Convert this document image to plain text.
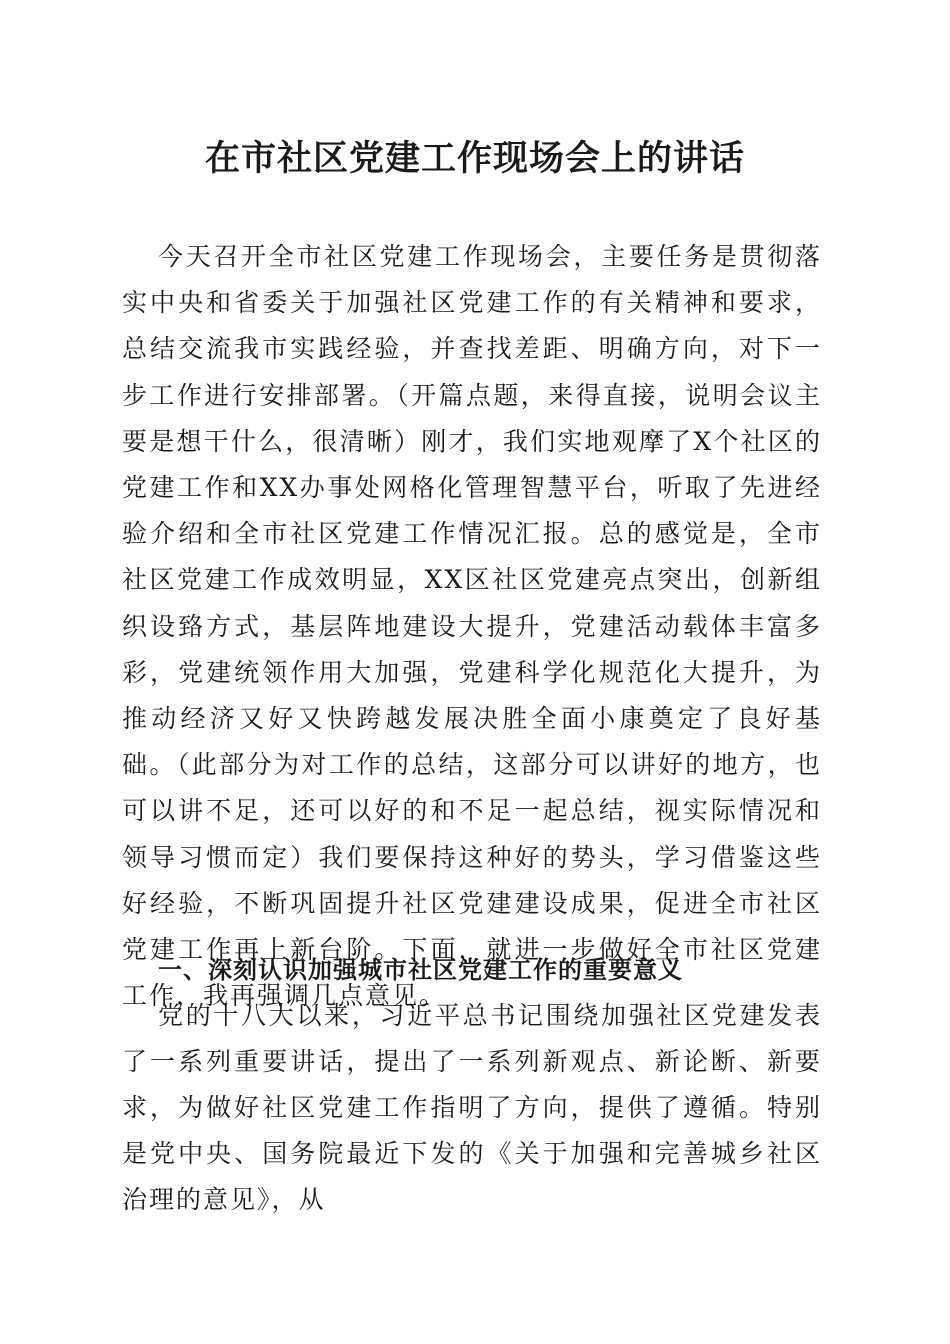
在市社区党建工作现场会上的讲话

今天召开全市社区党建工作现场会，主要任务是贯彻落实中央和省委关于加强社区党建工作的有关精神和要求，总结交流我市实践经验，并查找差距、明确方向，对下一步工作进行安排部署。（开篇点题，来得直接，说明会议主要是想干什么，很清晰）刚才，我们实地观摩了X个社区的党建工作和XX办事处网格化管理智慧平台，听取了先进经验介绍和全市社区党建工作情况汇报。总的感觉是，全市社区党建工作成效明显，XX区社区党建亮点突出，创新组织设臵方式，基层阵地建设大提升，党建活动载体丰富多彩，党建统领作用大加强，党建科学化规范化大提升，为推动经济又好又快跨越发展决胜全面小康奠定了良好基础。（此部分为对工作的总结，这部分可以讲好的地方，也可以讲不足，还可以好的和不足一起总结，视实际情况和领导习惯而定）我们要保持这种好的势头，学习借鉴这些好经验，不断巩固提升社区党建建设成果，促进全市社区党建工作再上新台阶。下面，就进一步做好全市社区党建工作，我再强调几点意见。

一、深刻认识加强城市社区党建工作的重要意义

党的十八大以来，习近平总书记围绕加强社区党建发表了一系列重要讲话，提出了一系列新观点、新论断、新要求，为做好社区党建工作指明了方向，提供了遵循。特别是党中央、国务院最近下发的《关于加强和完善城乡社区治理的意见》，从
